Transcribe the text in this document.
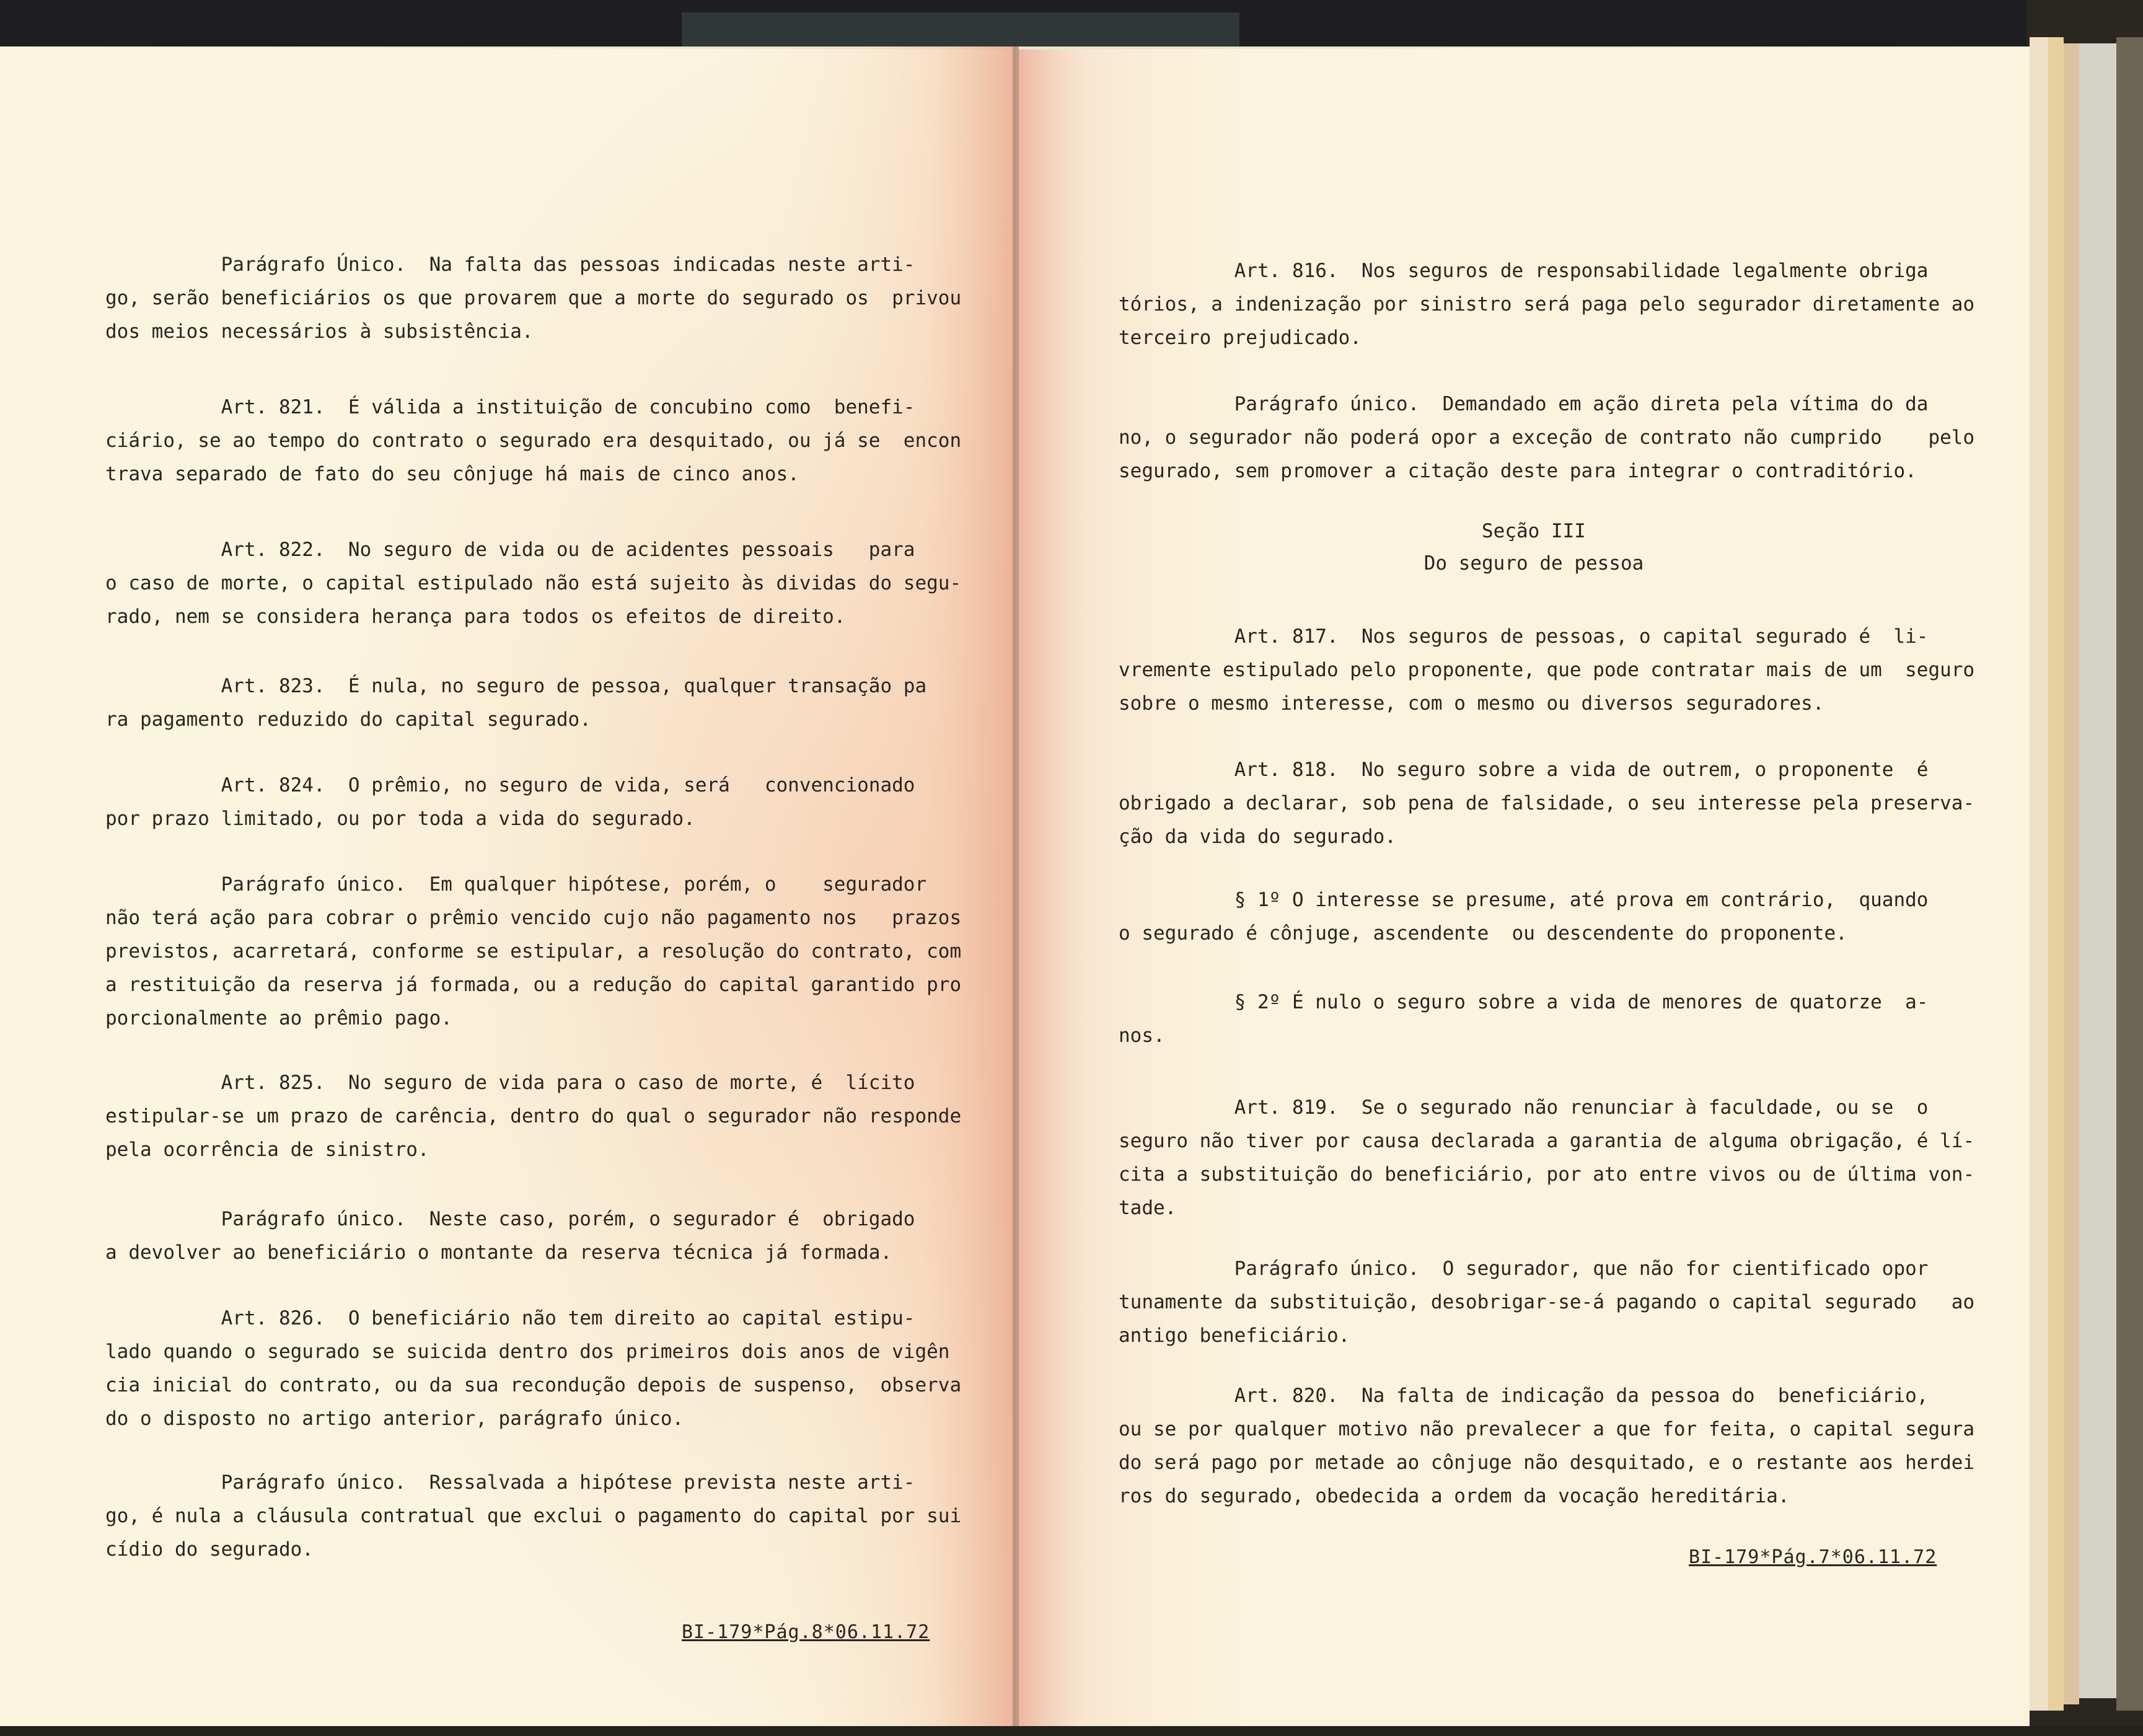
Parágrafo Único.  Na falta das pessoas indicadas neste arti-
go, serão beneficiários os que provarem que a morte do segurado os  privou
dos meios necessários à subsistência.
Art. 821.  É válida a instituição de concubino como  benefi-
ciário, se ao tempo do contrato o segurado era desquitado, ou já se  encon
trava separado de fato do seu cônjuge há mais de cinco anos.
Art. 822.  No seguro de vida ou de acidentes pessoais   para
o caso de morte, o capital estipulado não está sujeito às dividas do segu-
rado, nem se considera herança para todos os efeitos de direito.
Art. 823.  É nula, no seguro de pessoa, qualquer transação pa
ra pagamento reduzido do capital segurado.
Art. 824.  O prêmio, no seguro de vida, será   convencionado
por prazo limitado, ou por toda a vida do segurado.
Parágrafo único.  Em qualquer hipótese, porém, o    segurador
não terá ação para cobrar o prêmio vencido cujo não pagamento nos   prazos
previstos, acarretará, conforme se estipular, a resolução do contrato, com
a restituição da reserva já formada, ou a redução do capital garantido pro
porcionalmente ao prêmio pago.
Art. 825.  No seguro de vida para o caso de morte, é  lícito
estipular-se um prazo de carência, dentro do qual o segurador não responde
pela ocorrência de sinistro.
Parágrafo único.  Neste caso, porém, o segurador é  obrigado
a devolver ao beneficiário o montante da reserva técnica já formada.
Art. 826.  O beneficiário não tem direito ao capital estipu-
lado quando o segurado se suicida dentro dos primeiros dois anos de vigên
cia inicial do contrato, ou da sua recondução depois de suspenso,  observa
do o disposto no artigo anterior, parágrafo único.
Parágrafo único.  Ressalvada a hipótese prevista neste arti-
go, é nula a cláusula contratual que exclui o pagamento do capital por sui
cídio do segurado.
BI-179*Pág.8*06.11.72
Art. 816.  Nos seguros de responsabilidade legalmente obriga
tórios, a indenização por sinistro será paga pelo segurador diretamente ao
terceiro prejudicado.
Parágrafo único.  Demandado em ação direta pela vítima do da
no, o segurador não poderá opor a exceção de contrato não cumprido    pelo
segurado, sem promover a citação deste para integrar o contraditório.
Seção III
Do seguro de pessoa
Art. 817.  Nos seguros de pessoas, o capital segurado é  li-
vremente estipulado pelo proponente, que pode contratar mais de um  seguro
sobre o mesmo interesse, com o mesmo ou diversos seguradores.
Art. 818.  No seguro sobre a vida de outrem, o proponente  é
obrigado a declarar, sob pena de falsidade, o seu interesse pela preserva-
ção da vida do segurado.
§ 1º O interesse se presume, até prova em contrário,  quando
o segurado é cônjuge, ascendente  ou descendente do proponente.
§ 2º É nulo o seguro sobre a vida de menores de quatorze  a-
nos.
Art. 819.  Se o segurado não renunciar à faculdade, ou se  o
seguro não tiver por causa declarada a garantia de alguma obrigação, é lí-
cita a substituição do beneficiário, por ato entre vivos ou de última von-
tade.
Parágrafo único.  O segurador, que não for cientificado opor
tunamente da substituição, desobrigar-se-á pagando o capital segurado   ao
antigo beneficiário.
Art. 820.  Na falta de indicação da pessoa do  beneficiário,
ou se por qualquer motivo não prevalecer a que for feita, o capital segura
do será pago por metade ao cônjuge não desquitado, e o restante aos herdei
ros do segurado, obedecida a ordem da vocação hereditária.
BI-179*Pág.7*06.11.72
